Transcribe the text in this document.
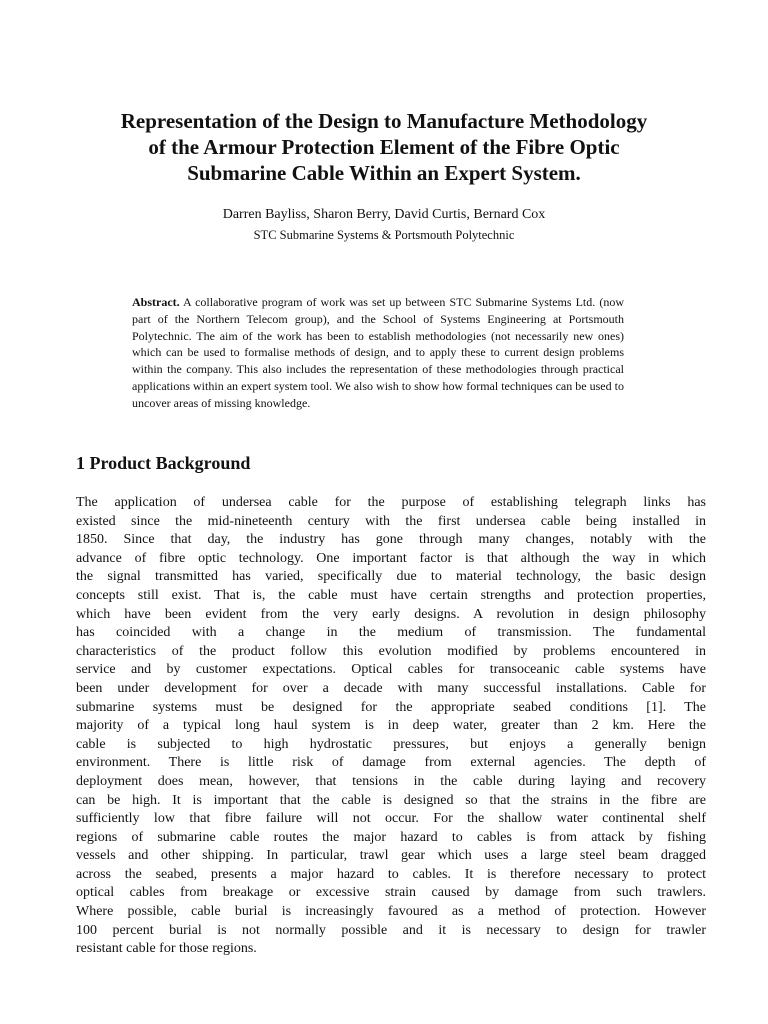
Representation of the Design to Manufacture Methodology
of the Armour Protection Element of the Fibre Optic
Submarine Cable Within an Expert System.
Darren Bayliss, Sharon Berry, David Curtis, Bernard Cox
STC Submarine Systems & Portsmouth Polytechnic
Abstract. A collaborative program of work was set up between STC Submarine Systems Ltd. (now part of the Northern Telecom group), and the School of Systems Engineering at Portsmouth Polytechnic. The aim of the work has been to establish methodologies (not necessarily new ones) which can be used to formalise methods of design, and to apply these to current design problems within the company. This also includes the representation of these methodologies through practical applications within an expert system tool. We also wish to show how formal techniques can be used to uncover areas of missing knowledge.
1 Product Background
The application of undersea cable for the purpose of establishing telegraph links has
existed since the mid-nineteenth century with the first undersea cable being installed in
1850. Since that day, the industry has gone through many changes, notably with the
advance of fibre optic technology. One important factor is that although the way in which
the signal transmitted has varied, specifically due to material technology, the basic design
concepts still exist. That is, the cable must have certain strengths and protection properties,
which have been evident from the very early designs. A revolution in design philosophy
has coincided with a change in the medium of transmission. The fundamental
characteristics of the product follow this evolution modified by problems encountered in
service and by customer expectations. Optical cables for transoceanic cable systems have
been under development for over a decade with many successful installations. Cable for
submarine systems must be designed for the appropriate seabed conditions [1]. The
majority of a typical long haul system is in deep water, greater than 2 km. Here the
cable is subjected to high hydrostatic pressures, but enjoys a generally benign
environment. There is little risk of damage from external agencies. The depth of
deployment does mean, however, that tensions in the cable during laying and recovery
can be high. It is important that the cable is designed so that the strains in the fibre are
sufficiently low that fibre failure will not occur. For the shallow water continental shelf
regions of submarine cable routes the major hazard to cables is from attack by fishing
vessels and other shipping. In particular, trawl gear which uses a large steel beam dragged
across the seabed, presents a major hazard to cables. It is therefore necessary to protect
optical cables from breakage or excessive strain caused by damage from such trawlers.
Where possible, cable burial is increasingly favoured as a method of protection. However
100 percent burial is not normally possible and it is necessary to design for trawler
resistant cable for those regions.
